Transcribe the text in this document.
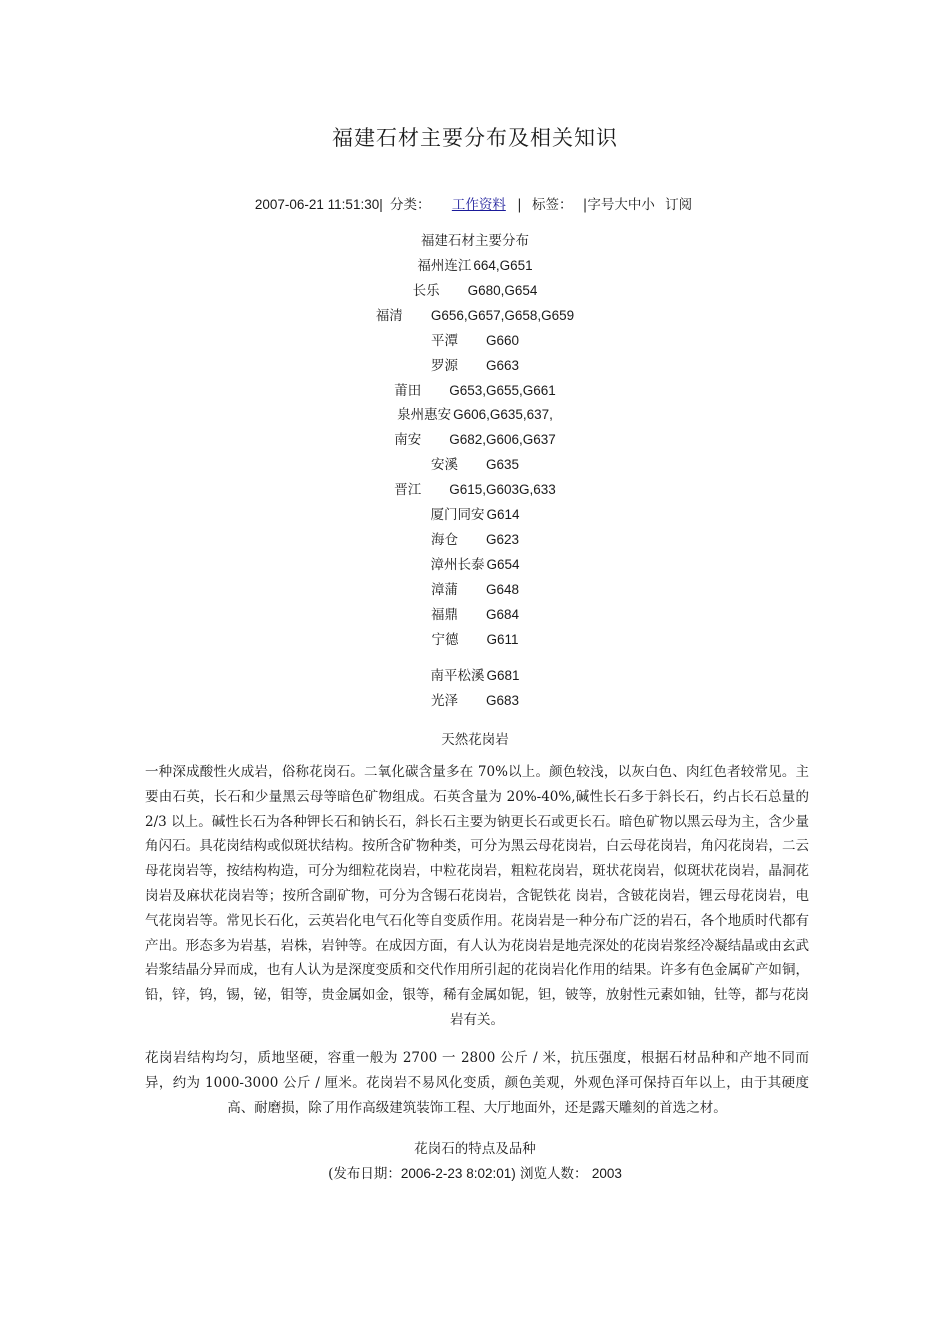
福建石材主要分布及相关知识
2007-06-21 11:51:30| 分类： 工作资料 | 标签： |字号大中小 订阅
福建石材主要分布
福州连江 664,G651
长乐 G680,G654
福清 G656,G657,G658,G659
平潭 G660
罗源 G663
莆田 G653,G655,G661
泉州惠安 G606,G635,637,
南安 G682,G606,G637
安溪 G635
晋江 G615,G603G,633
厦门同安 G614
海仓 G623
漳州长泰 G654
漳蒲 G648
福鼎 G684
宁德 G611
南平松溪 G681
光泽 G683
天然花岗岩

一种深成酸性火成岩，俗称花岗石。二氧化碳含量多在 70%以上。颜色较浅，以灰白色、肉红色者较常见。主要由石英，长石和少量黑云母等暗色矿物组成。石英含量为 20%-40%,碱性长石多于斜长石，约占长石总量的 2/3 以上。碱性长石为各种钾长石和钠长石，斜长石主要为钠更长石或更长石。暗色矿物以黑云母为主，含少量角闪石。具花岗结构或似斑状结构。按所含矿物种类，可分为黑云母花岗岩，白云母花岗岩，角闪花岗岩，二云母花岗岩等，按结构构造，可分为细粒花岗岩，中粒花岗岩，粗粒花岗岩，斑状花岗岩，似斑状花岗岩，晶洞花岗岩及麻状花岗岩等；按所含副矿物，可分为含锡石花岗岩，含铌铁花 岗岩，含铍花岗岩，锂云母花岗岩，电气花岗岩等。常见长石化，云英岩化电气石化等自变质作用。花岗岩是一种分布广泛的岩石，各个地质时代都有产出。形态多为岩基，岩株，岩钟等。在成因方面，有人认为花岗岩是地壳深处的花岗岩浆经冷凝结晶或由玄武岩浆结晶分异而成，也有人认为是深度变质和交代作用所引起的花岗岩化作用的结果。许多有色金属矿产如铜，铅，锌，钨，锡，铋，钼等，贵金属如金，银等，稀有金属如铌，钽，铍等，放射性元素如铀，钍等，都与花岗岩有关。

花岗岩结构均匀，质地坚硬，容重一般为 2700 一 2800 公斤 / 米，抗压强度，根据石材品种和产地不同而异，约为 1000-3000 公斤 / 厘米。花岗岩不易风化变质，颜色美观，外观色泽可保持百年以上，由于其硬度高、耐磨损，除了用作高级建筑装饰工程、大厅地面外，还是露天雕刻的首选之材。

花岗石的特点及品种
(发布日期：2006-2-23 8:02:01) 浏览人数： 2003
